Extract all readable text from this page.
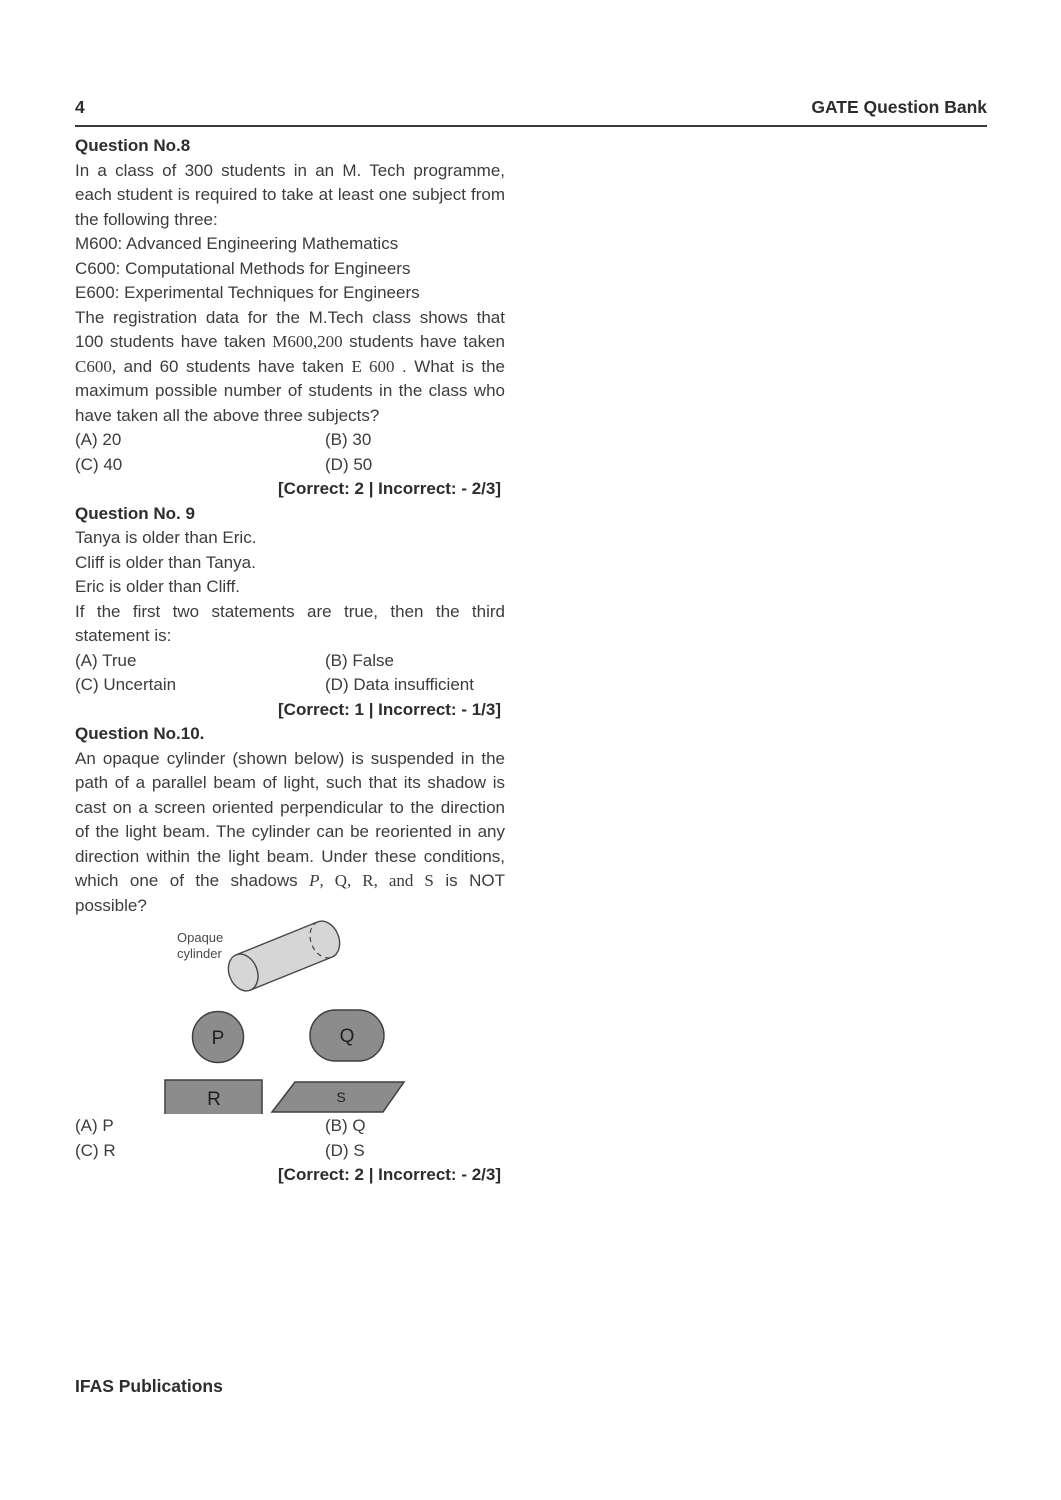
4	GATE Question Bank

Question No.8

In a class of 300 students in an M. Tech programme, each student is required to take at least one subject from the following three:

M600: Advanced Engineering Mathematics

C600: Computational Methods for Engineers

E600: Experimental Techniques for Engineers

The registration data for the M.Tech class shows that 100 students have taken M600,200 students have taken C600, and 60 students have taken E 600 . What is the maximum possible number of students in the class who have taken all the above three subjects?

(A) 20	(B) 30
(C) 40	(D) 50

[Correct: 2 | Incorrect: - 2/3]

Question No. 9

Tanya is older than Eric.

Cliff is older than Tanya.

Eric is older than Cliff.

If the first two statements are true, then the third statement is:

(A) True	(B) False
(C) Uncertain	(D) Data insufficient

[Correct: 1 | Incorrect: - 1/3]

Question No.10.

An opaque cylinder (shown below) is suspended in the path of a parallel beam of light, such that its shadow is cast on a screen oriented perpendicular to the direction of the light beam. The cylinder can be reoriented in any direction within the light beam. Under these conditions, which one of the shadows P, Q, R, and S is NOT possible?

Opaque
cylinder
P	Q
R	S
(A) P	(B) Q
(C) R	(D) S

[Correct: 2 | Incorrect: - 2/3]

IFAS Publications
